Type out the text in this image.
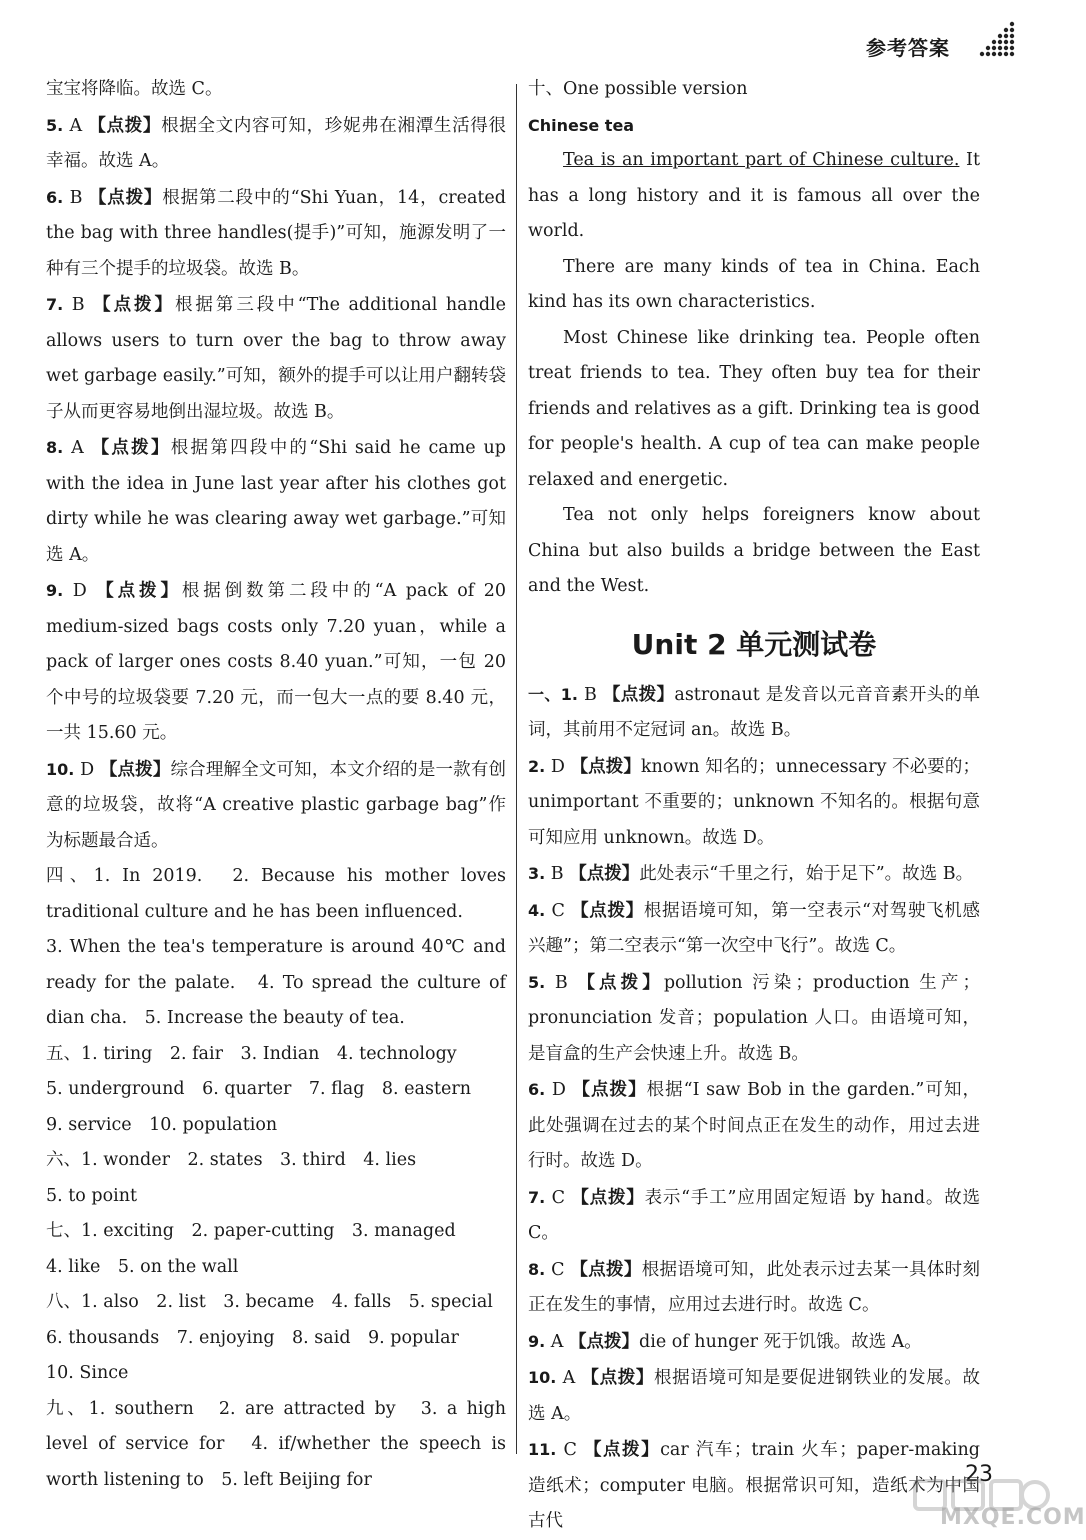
参考答案

宝宝将降临。故选 C。

5. A 【点拨】根据全文内容可知，珍妮弗在湘潭生活得很幸福。故选 A。

6. B 【点拨】根据第二段中的“Shi Yuan，14，created the bag with three handles(提手)”可知，施源发明了一种有三个提手的垃圾袋。故选 B。

7. B 【点拨】根据第三段中“The additional handle allows users to turn over the bag to throw away wet garbage easily.”可知，额外的提手可以让用户翻转袋子从而更容易地倒出湿垃圾。故选 B。

8. A 【点拨】根据第四段中的“Shi said he came up with the idea in June last year after his clothes got dirty while he was clearing away wet garbage.”可知选 A。

9. D 【点拨】根据倒数第二段中的“A pack of 20 medium-sized bags costs only 7.20 yuan，while a pack of larger ones costs 8.40 yuan.”可知，一包 20 个中号的垃圾袋要 7.20 元，而一包大一点的要 8.40 元，一共 15.60 元。

10. D 【点拨】综合理解全文可知，本文介绍的是一款有创意的垃圾袋，故将“A creative plastic garbage bag”作为标题最合适。

四、1. In 2019.　2. Because his mother loves traditional culture and he has been influenced.

3. When the tea's temperature is around 40℃ and ready for the palate.　4. To spread the culture of dian cha.　5. Increase the beauty of tea.

五、1. tiring　2. fair　3. Indian　4. technology

5. underground　6. quarter　7. flag　8. eastern

9. service　10. population

六、1. wonder　2. states　3. third　4. lies

5. to point

七、1. exciting　2. paper-cutting　3. managed

4. like　5. on the wall

八、1. also　2. list　3. became　4. falls　5. special

6. thousands　7. enjoying　8. said　9. popular

10. Since

九、1. southern　2. are attracted by　3. a high level of service for　4. if/whether the speech is worth listening to　5. left Beijing for

十、One possible version

Chinese tea

Tea is an important part of Chinese culture. It has a long history and it is famous all over the world.

There are many kinds of tea in China. Each kind has its own characteristics.

Most Chinese like drinking tea. People often treat friends to tea. They often buy tea for their friends and relatives as a gift. Drinking tea is good for people's health. A cup of tea can make people relaxed and energetic.

Tea not only helps foreigners know about China but also builds a bridge between the East and the West.

Unit 2 单元测试卷

一、1. B 【点拨】astronaut 是发音以元音音素开头的单词，其前用不定冠词 an。故选 B。

2. D 【点拨】known 知名的；unnecessary 不必要的；unimportant 不重要的；unknown 不知名的。根据句意可知应用 unknown。故选 D。

3. B 【点拨】此处表示“千里之行，始于足下”。故选 B。

4. C 【点拨】根据语境可知，第一空表示“对驾驶飞机感兴趣”；第二空表示“第一次空中飞行”。故选 C。

5. B 【点拨】pollution 污染；production 生产；pronunciation 发音；population 人口。由语境可知，是盲盒的生产会快速上升。故选 B。

6. D 【点拨】根据“I saw Bob in the garden.”可知，此处强调在过去的某个时间点正在发生的动作，用过去进行时。故选 D。

7. C 【点拨】表示“手工”应用固定短语 by hand。故选 C。

8. C 【点拨】根据语境可知，此处表示过去某一具体时刻正在发生的事情，应用过去进行时。故选 C。

9. A 【点拨】die of hunger 死于饥饿。故选 A。

10. A 【点拨】根据语境可知是要促进钢铁业的发展。故选 A。

11. C 【点拨】car 汽车；train 火车；paper-making 造纸术；computer 电脑。根据常识可知，造纸术为中国古代

23
MXQE.COM
